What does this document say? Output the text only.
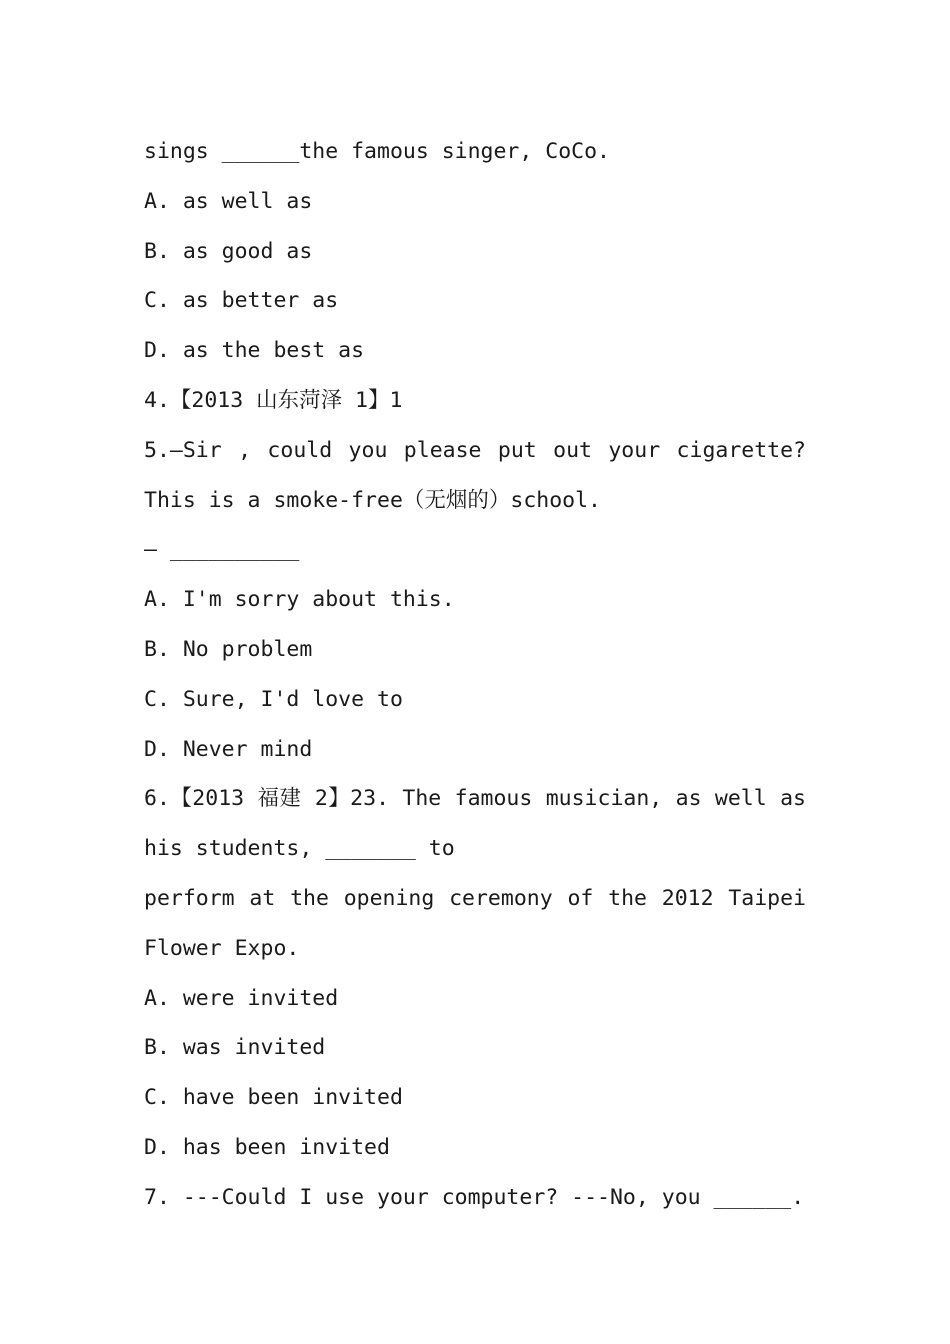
sings ______the famous singer, CoCo.
A. as well as
B. as good as
C. as better as
D. as the best as
4.【2013 山东菏泽 1】1
5.—Sir , could you please put out your cigarette?
This is a smoke-free（无烟的）school.
— __________
A. I'm sorry about this.
B. No problem
C. Sure, I'd love to
D. Never mind
6.【2013 福建 2】23. The famous musician, as well as
his students, _______ to
perform at the opening ceremony of the 2012 Taipei
Flower Expo.
A. were invited
B. was invited
C. have been invited
D. has been invited
7. ---Could I use your computer? ---No, you ______.
